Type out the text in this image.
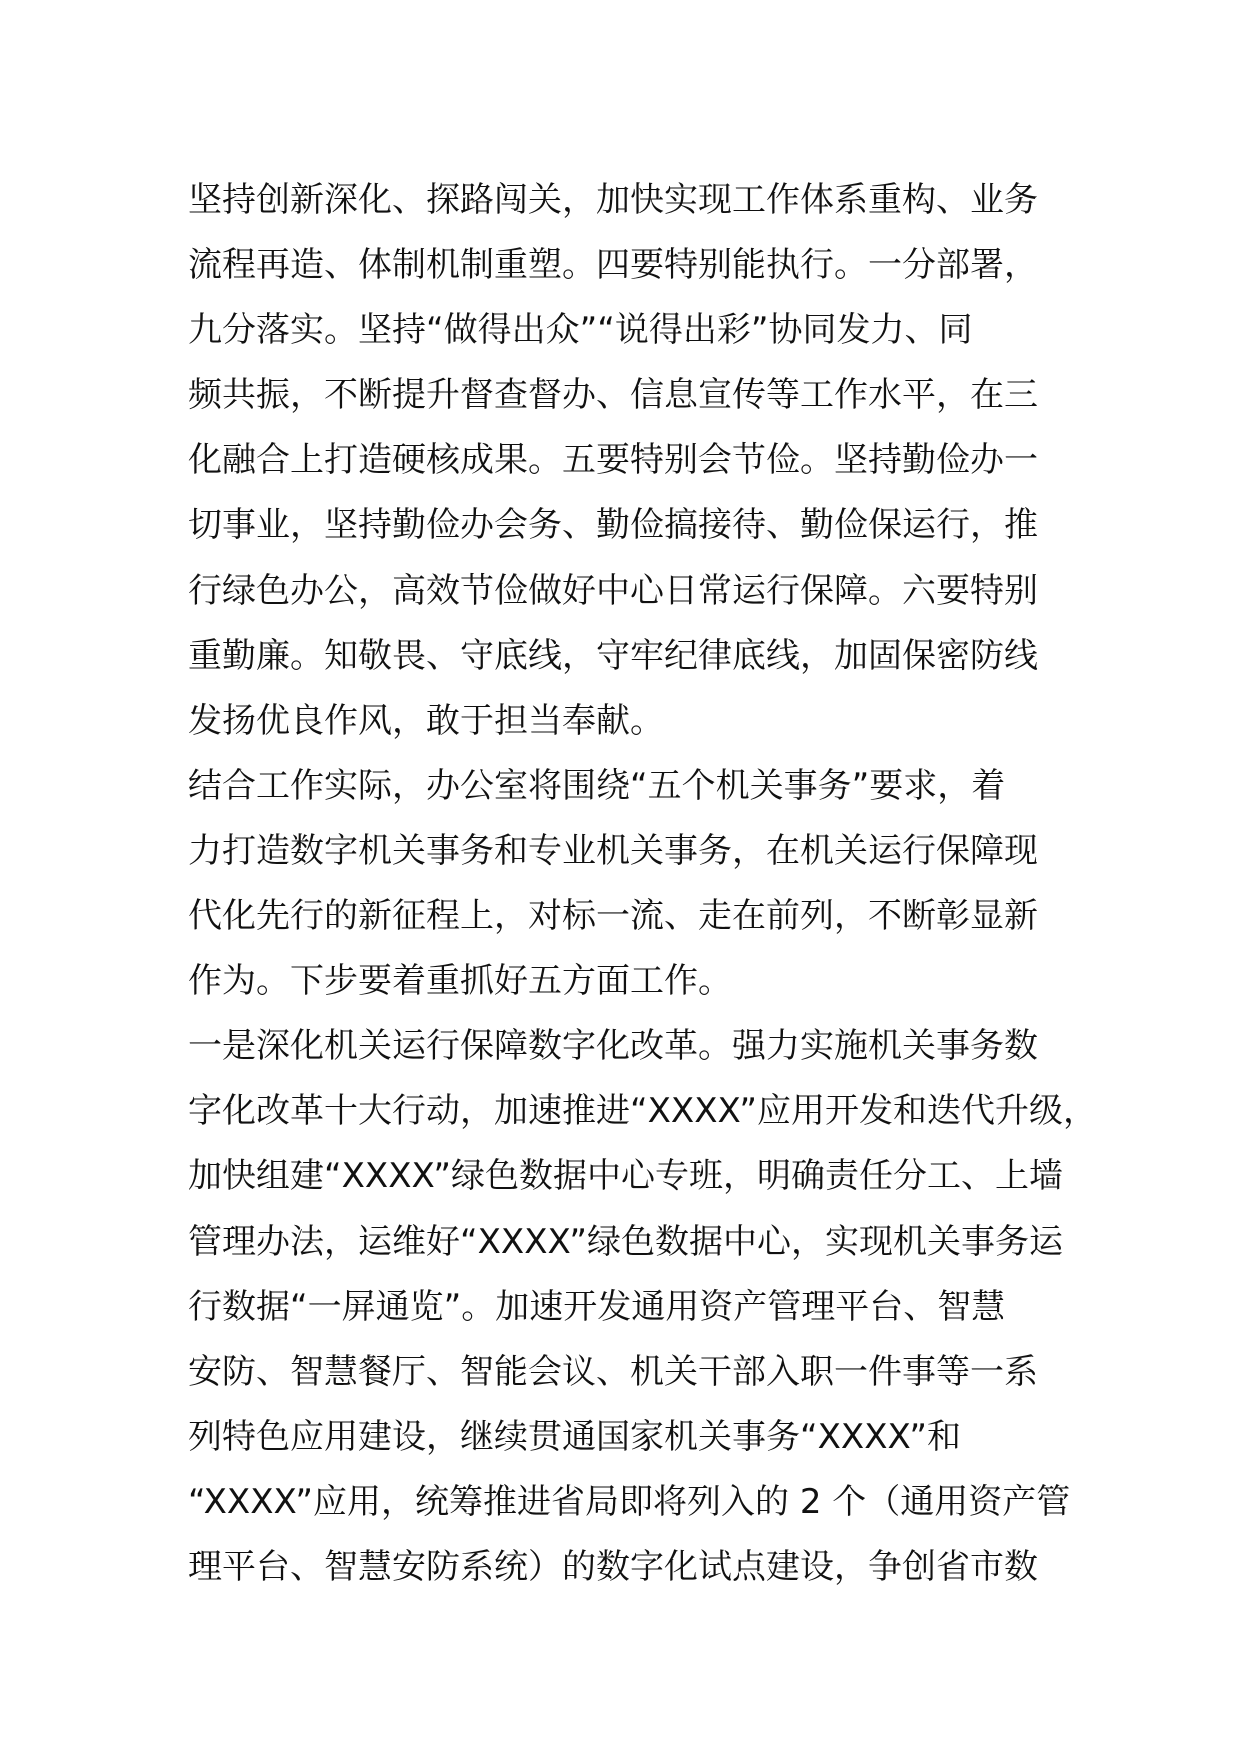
坚持创新深化、探路闯关，加快实现工作体系重构、业务
流程再造、体制机制重塑。四要特别能执行。一分部署，
九分落实。坚持“做得出众”“说得出彩”协同发力、同
频共振，不断提升督查督办、信息宣传等工作水平，在三
化融合上打造硬核成果。五要特别会节俭。坚持勤俭办一
切事业，坚持勤俭办会务、勤俭搞接待、勤俭保运行，推
行绿色办公，高效节俭做好中心日常运行保障。六要特别
重勤廉。知敬畏、守底线，守牢纪律底线，加固保密防线
发扬优良作风，敢于担当奉献。
结合工作实际，办公室将围绕“五个机关事务”要求，着
力打造数字机关事务和专业机关事务，在机关运行保障现
代化先行的新征程上，对标一流、走在前列，不断彰显新
作为。下步要着重抓好五方面工作。
一是深化机关运行保障数字化改革。强力实施机关事务数
字化改革十大行动，加速推进“XXXX”应用开发和迭代升级，
加快组建“XXXX”绿色数据中心专班，明确责任分工、上墙
管理办法，运维好“XXXX”绿色数据中心，实现机关事务运
行数据“一屏通览”。加速开发通用资产管理平台、智慧
安防、智慧餐厅、智能会议、机关干部入职一件事等一系
列特色应用建设，继续贯通国家机关事务“XXXX”和
“XXXX”应用，统筹推进省局即将列入的 2 个（通用资产管
理平台、智慧安防系统）的数字化试点建设，争创省市数
